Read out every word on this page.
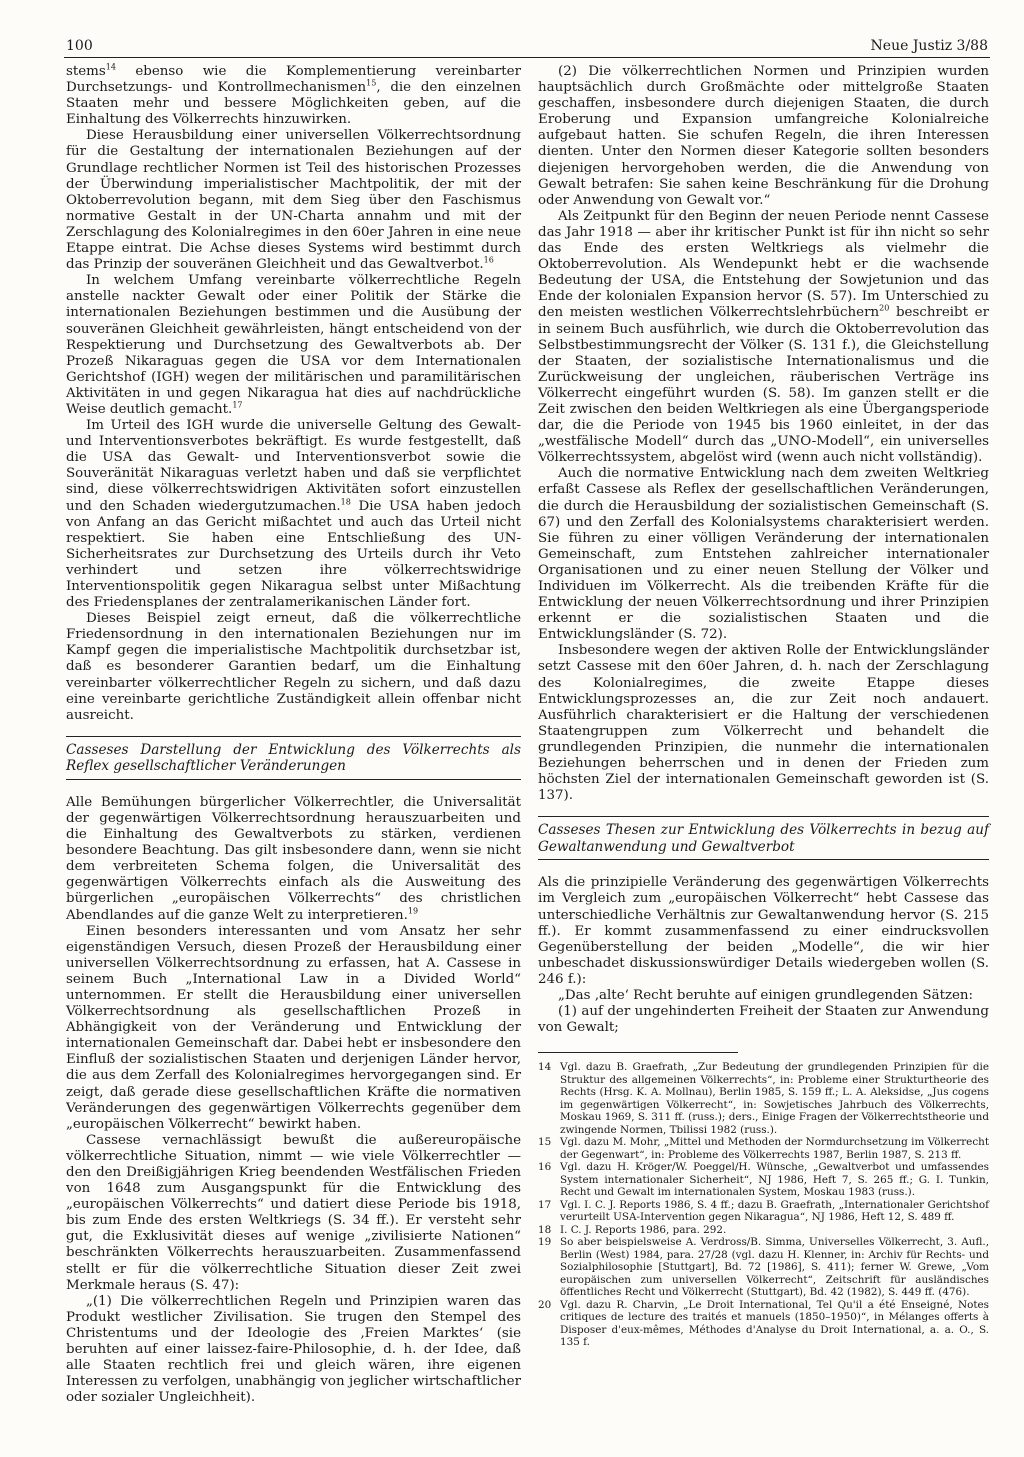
100	Neue Justiz 3/88

stems$^{14}$ ebenso wie die Komplementierung vereinbarter Durchsetzungs- und Kontrollmechanismen$^{15}$, die den einzelnen Staaten mehr und bessere Möglichkeiten geben, auf die Einhaltung des Völkerrechts hinzuwirken.

Diese Herausbildung einer universellen Völkerrechtsordnung für die Gestaltung der internationalen Beziehungen auf der Grundlage rechtlicher Normen ist Teil des historischen Prozesses der Überwindung imperialistischer Machtpolitik, der mit der Oktoberrevolution begann, mit dem Sieg über den Faschismus normative Gestalt in der UN-Charta annahm und mit der Zerschlagung des Kolonialregimes in den 60er Jahren in eine neue Etappe eintrat. Die Achse dieses Systems wird bestimmt durch das Prinzip der souveränen Gleichheit und das Gewaltverbot.$^{16}$

In welchem Umfang vereinbarte völkerrechtliche Regeln anstelle nackter Gewalt oder einer Politik der Stärke die internationalen Beziehungen bestimmen und die Ausübung der souveränen Gleichheit gewährleisten, hängt entscheidend von der Respektierung und Durchsetzung des Gewaltverbots ab. Der Prozeß Nikaraguas gegen die USA vor dem Internationalen Gerichtshof (IGH) wegen der militärischen und paramilitärischen Aktivitäten in und gegen Nikaragua hat dies auf nachdrückliche Weise deutlich gemacht.$^{17}$

Im Urteil des IGH wurde die universelle Geltung des Gewalt- und Interventionsverbotes bekräftigt. Es wurde festgestellt, daß die USA das Gewalt- und Interventionsverbot sowie die Souveränität Nikaraguas verletzt haben und daß sie verpflichtet sind, diese völkerrechtswidrigen Aktivitäten sofort einzustellen und den Schaden wiedergutzumachen.$^{18}$ Die USA haben jedoch von Anfang an das Gericht mißachtet und auch das Urteil nicht respektiert. Sie haben eine Entschließung des UN-Sicherheitsrates zur Durchsetzung des Urteils durch ihr Veto verhindert und setzen ihre völkerrechtswidrige Interventionspolitik gegen Nikaragua selbst unter Mißachtung des Friedensplanes der zentralamerikanischen Länder fort.

Dieses Beispiel zeigt erneut, daß die völkerrechtliche Friedensordnung in den internationalen Beziehungen nur im Kampf gegen die imperialistische Machtpolitik durchsetzbar ist, daß es besonderer Garantien bedarf, um die Einhaltung vereinbarter völkerrechtlicher Regeln zu sichern, und daß dazu eine vereinbarte gerichtliche Zuständigkeit allein offenbar nicht ausreicht.

Casseses Darstellung der Entwicklung des Völkerrechts als Reflex gesellschaftlicher Veränderungen

Alle Bemühungen bürgerlicher Völkerrechtler, die Universalität der gegenwärtigen Völkerrechtsordnung herauszuarbeiten und die Einhaltung des Gewaltverbots zu stärken, verdienen besondere Beachtung. Das gilt insbesondere dann, wenn sie nicht dem verbreiteten Schema folgen, die Universalität des gegenwärtigen Völkerrechts einfach als die Ausweitung des bürgerlichen „europäischen Völkerrechts“ des christlichen Abendlandes auf die ganze Welt zu interpretieren.$^{19}$

Einen besonders interessanten und vom Ansatz her sehr eigenständigen Versuch, diesen Prozeß der Herausbildung einer universellen Völkerrechtsordnung zu erfassen, hat A. Cassese in seinem Buch „International Law in a Divided World“ unternommen. Er stellt die Herausbildung einer universellen Völkerrechtsordnung als gesellschaftlichen Prozeß in Abhängigkeit von der Veränderung und Entwicklung der internationalen Gemeinschaft dar. Dabei hebt er insbesondere den Einfluß der sozialistischen Staaten und derjenigen Länder hervor, die aus dem Zerfall des Kolonialregimes hervorgegangen sind. Er zeigt, daß gerade diese gesellschaftlichen Kräfte die normativen Veränderungen des gegenwärtigen Völkerrechts gegenüber dem „europäischen Völkerrecht“ bewirkt haben.

Cassese vernachlässigt bewußt die außereuropäische völkerrechtliche Situation, nimmt — wie viele Völkerrechtler — den den Dreißigjährigen Krieg beendenden Westfälischen Frieden von 1648 zum Ausgangspunkt für die Entwicklung des „europäischen Völkerrechts“ und datiert diese Periode bis 1918, bis zum Ende des ersten Weltkriegs (S. 34 ff.). Er versteht sehr gut, die Exklusivität dieses auf wenige „zivilisierte Nationen“ beschränkten Völkerrechts herauszuarbeiten. Zusammenfassend stellt er für die völkerrechtliche Situation dieser Zeit zwei Merkmale heraus (S. 47):

„(1) Die völkerrechtlichen Regeln und Prinzipien waren das Produkt westlicher Zivilisation. Sie trugen den Stempel des Christentums und der Ideologie des ‚Freien Marktes‘ (sie beruhten auf einer laissez-faire-Philosophie, d. h. der Idee, daß alle Staaten rechtlich frei und gleich wären, ihre eigenen Interessen zu verfolgen, unabhängig von jeglicher wirtschaftlicher oder sozialer Ungleichheit).

(2) Die völkerrechtlichen Normen und Prinzipien wurden hauptsächlich durch Großmächte oder mittelgroße Staaten geschaffen, insbesondere durch diejenigen Staaten, die durch Eroberung und Expansion umfangreiche Kolonialreiche aufgebaut hatten. Sie schufen Regeln, die ihren Interessen dienten. Unter den Normen dieser Kategorie sollten besonders diejenigen hervorgehoben werden, die die Anwendung von Gewalt betrafen: Sie sahen keine Beschränkung für die Drohung oder Anwendung von Gewalt vor.“

Als Zeitpunkt für den Beginn der neuen Periode nennt Cassese das Jahr 1918 — aber ihr kritischer Punkt ist für ihn nicht so sehr das Ende des ersten Weltkriegs als vielmehr die Oktoberrevolution. Als Wendepunkt hebt er die wachsende Bedeutung der USA, die Entstehung der Sowjetunion und das Ende der kolonialen Expansion hervor (S. 57). Im Unterschied zu den meisten westlichen Völkerrechtslehrbüchern$^{20}$ beschreibt er in seinem Buch ausführlich, wie durch die Oktoberrevolution das Selbstbestimmungsrecht der Völker (S. 131 f.), die Gleichstellung der Staaten, der sozialistische Internationalismus und die Zurückweisung der ungleichen, räuberischen Verträge ins Völkerrecht eingeführt wurden (S. 58). Im ganzen stellt er die Zeit zwischen den beiden Weltkriegen als eine Übergangsperiode dar, die die Periode von 1945 bis 1960 einleitet, in der das „westfälische Modell“ durch das „UNO-Modell“, ein universelles Völkerrechtssystem, abgelöst wird (wenn auch nicht vollständig).

Auch die normative Entwicklung nach dem zweiten Weltkrieg erfaßt Cassese als Reflex der gesellschaftlichen Veränderungen, die durch die Herausbildung der sozialistischen Gemeinschaft (S. 67) und den Zerfall des Kolonialsystems charakterisiert werden. Sie führen zu einer völligen Veränderung der internationalen Gemeinschaft, zum Entstehen zahlreicher internationaler Organisationen und zu einer neuen Stellung der Völker und Individuen im Völkerrecht. Als die treibenden Kräfte für die Entwicklung der neuen Völkerrechtsordnung und ihrer Prinzipien erkennt er die sozialistischen Staaten und die Entwicklungsländer (S. 72).

Insbesondere wegen der aktiven Rolle der Entwicklungsländer setzt Cassese mit den 60er Jahren, d. h. nach der Zerschlagung des Kolonialregimes, die zweite Etappe dieses Entwicklungsprozesses an, die zur Zeit noch andauert. Ausführlich charakterisiert er die Haltung der verschiedenen Staatengruppen zum Völkerrecht und behandelt die grundlegenden Prinzipien, die nunmehr die internationalen Beziehungen beherrschen und in denen der Frieden zum höchsten Ziel der internationalen Gemeinschaft geworden ist (S. 137).

Casseses Thesen zur Entwicklung des Völkerrechts in bezug auf Gewaltanwendung und Gewaltverbot

Als die prinzipielle Veränderung des gegenwärtigen Völkerrechts im Vergleich zum „europäischen Völkerrecht“ hebt Cassese das unterschiedliche Verhältnis zur Gewaltanwendung hervor (S. 215 ff.). Er kommt zusammenfassend zu einer eindrucksvollen Gegenüberstellung der beiden „Modelle“, die wir hier unbeschadet diskussionswürdiger Details wiedergeben wollen (S. 246 f.):

„Das ‚alte‘ Recht beruhte auf einigen grundlegenden Sätzen:

(1) auf der ungehinderten Freiheit der Staaten zur Anwendung von Gewalt;

14 Vgl. dazu B. Graefrath, „Zur Bedeutung der grundlegenden Prinzipien für die Struktur des allgemeinen Völkerrechts“, in: Probleme einer Strukturtheorie des Rechts (Hrsg. K. A. Mollnau), Berlin 1985, S. 159 ff.; L. A. Aleksidse, „Jus cogens im gegenwärtigen Völkerrecht“, in: Sowjetisches Jahrbuch des Völkerrechts, Moskau 1969, S. 311 ff. (russ.); ders., Einige Fragen der Völkerrechtstheorie und zwingende Normen, Tbilissi 1982 (russ.).
15 Vgl. dazu M. Mohr, „Mittel und Methoden der Normdurchsetzung im Völkerrecht der Gegenwart“, in: Probleme des Völkerrechts 1987, Berlin 1987, S. 213 ff.
16 Vgl. dazu H. Kröger/W. Poeggel/H. Wünsche, „Gewaltverbot und umfassendes System internationaler Sicherheit“, NJ 1986, Heft 7, S. 265 ff.; G. I. Tunkin, Recht und Gewalt im internationalen System, Moskau 1983 (russ.).
17 Vgl. I. C. J. Reports 1986, S. 4 ff.; dazu B. Graefrath, „Internationaler Gerichtshof verurteilt USA-Intervention gegen Nikaragua“, NJ 1986, Heft 12, S. 489 ff.
18 I. C. J. Reports 1986, para. 292.
19 So aber beispielsweise A. Verdross/B. Simma, Universelles Völkerrecht, 3. Aufl., Berlin (West) 1984, para. 27/28 (vgl. dazu H. Klenner, in: Archiv für Rechts- und Sozialphilosophie [Stuttgart], Bd. 72 [1986], S. 411); ferner W. Grewe, „Vom europäischen zum universellen Völkerrecht“, Zeitschrift für ausländisches öffentliches Recht und Völkerrecht (Stuttgart), Bd. 42 (1982), S. 449 ff. (476).
20 Vgl. dazu R. Charvin, „Le Droit International, Tel Qu'il a été Enseigné, Notes critiques de lecture des traités et manuels (1850–1950)“, in Mélanges offerts à Disposer d'eux-mêmes, Méthodes d'Analyse du Droit International, a. a. O., S. 135 f.
